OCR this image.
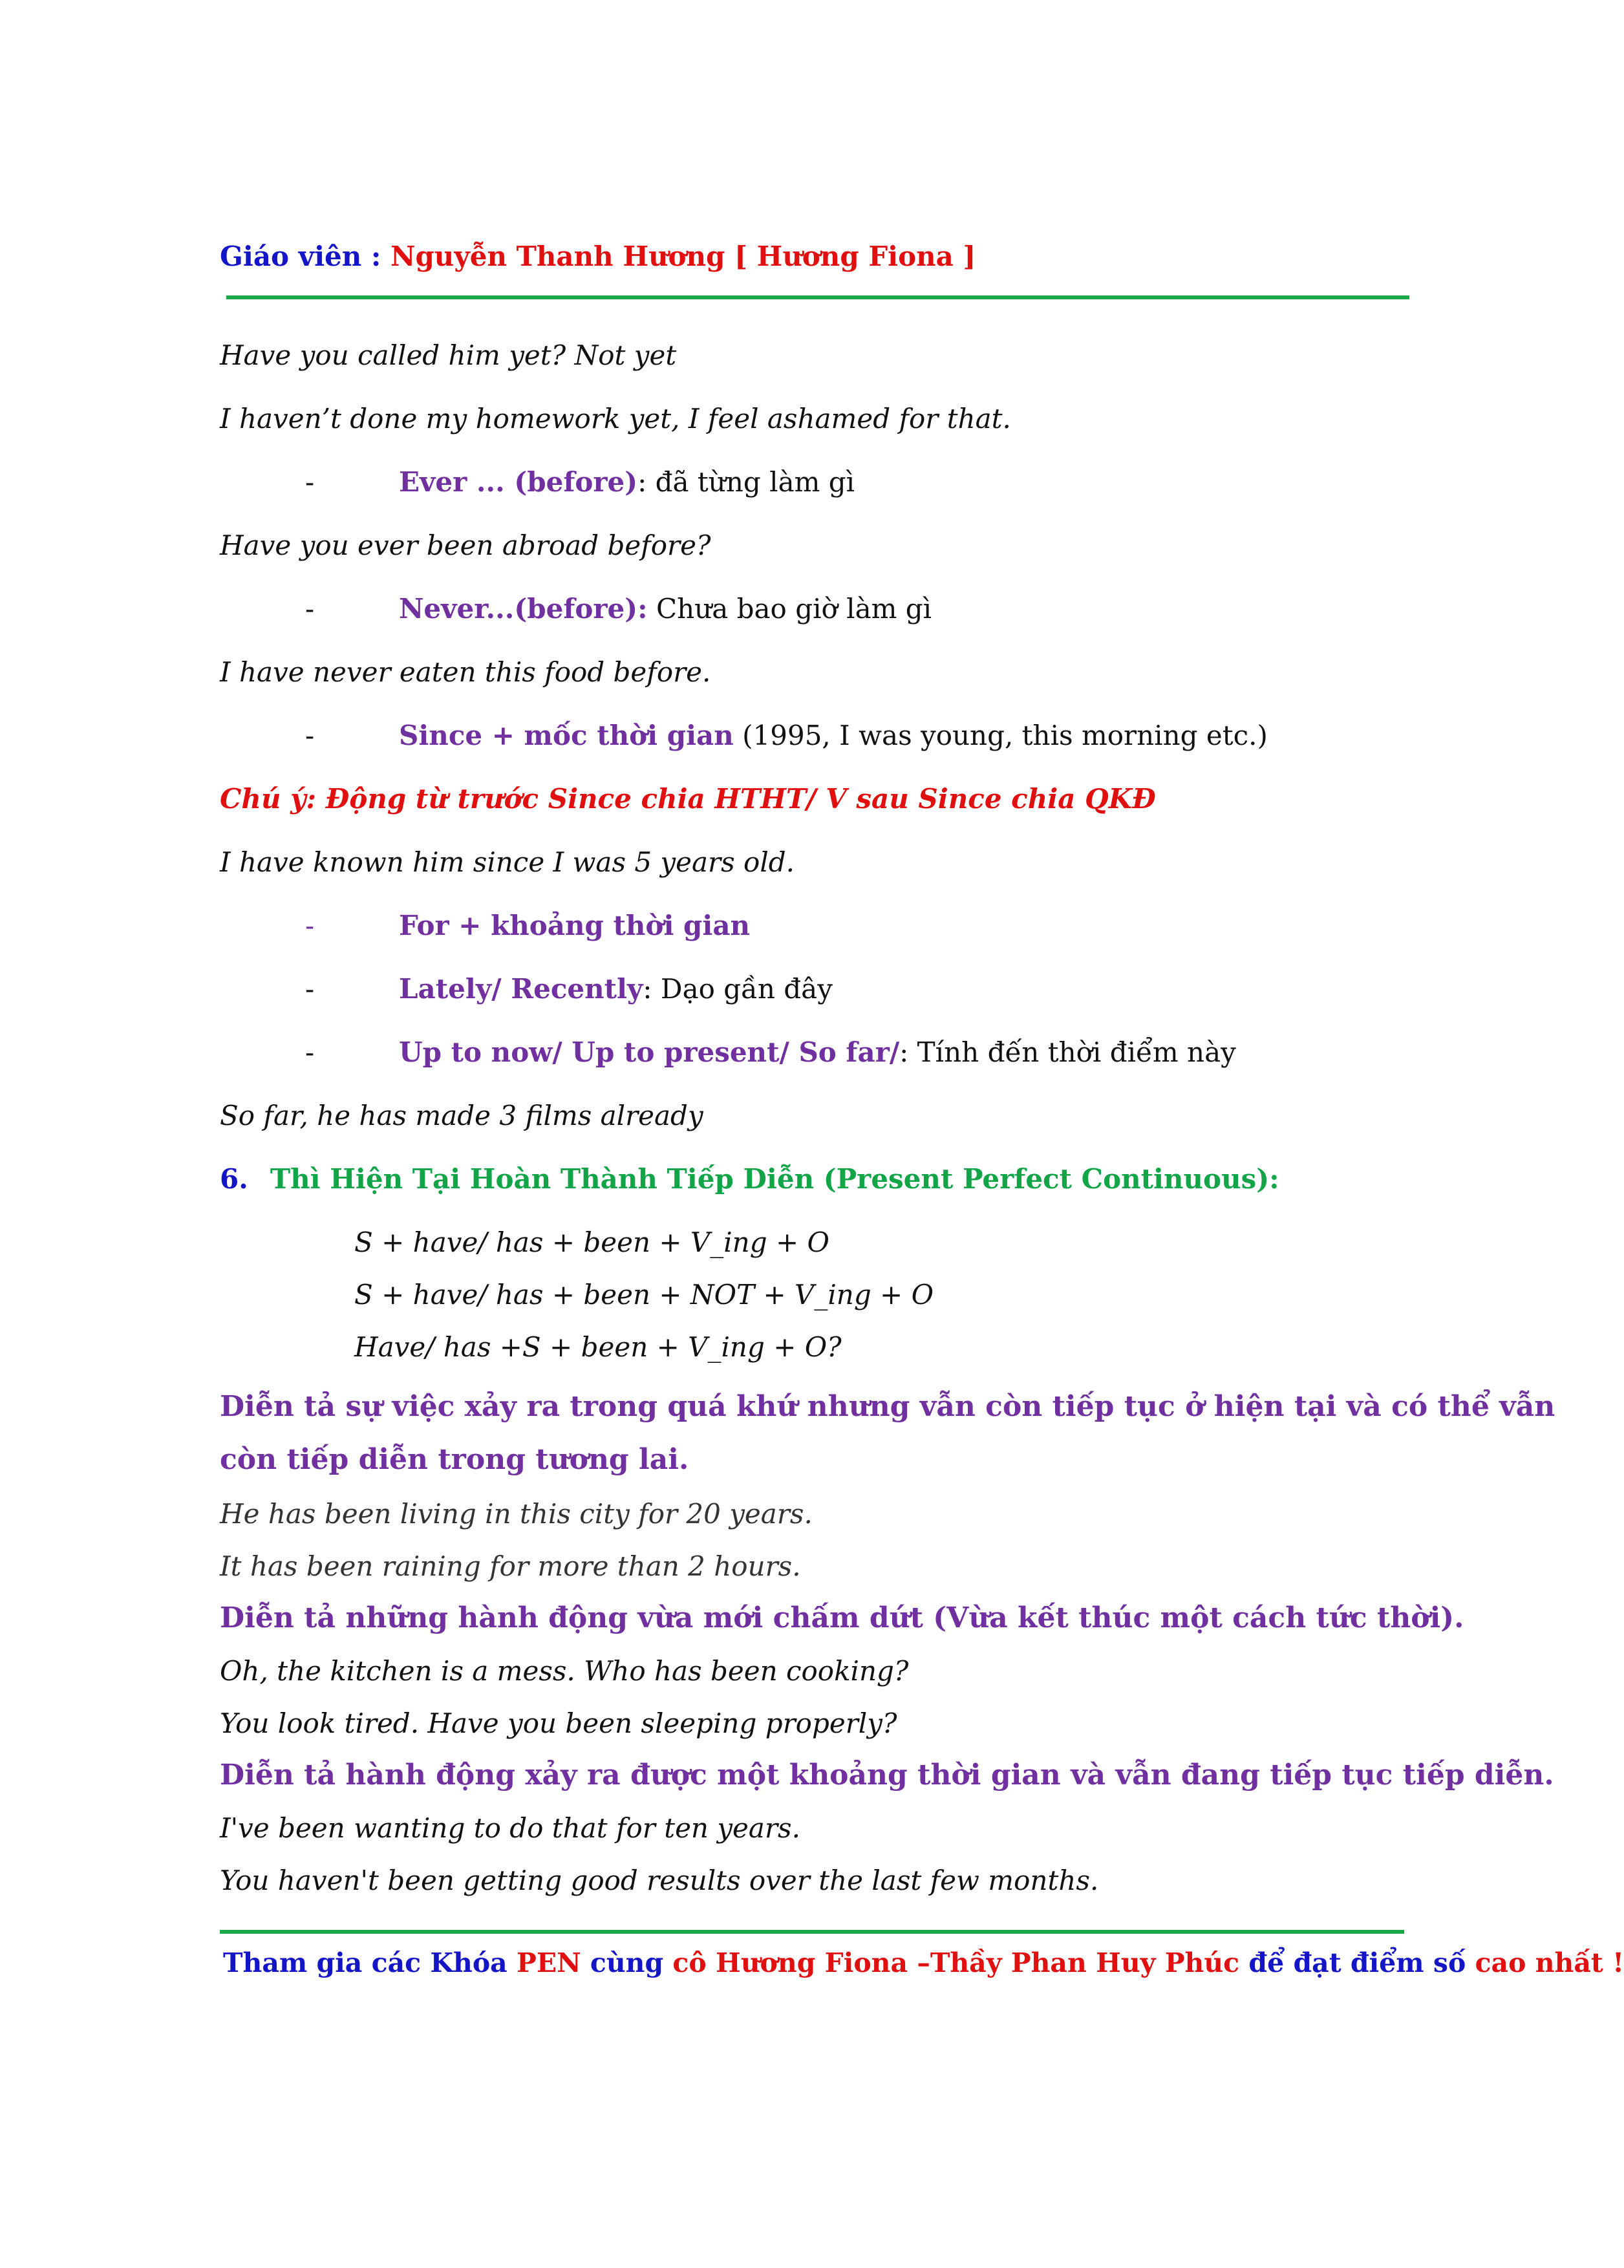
Giáo viên : Nguyễn Thanh Hương [ Hương Fiona ]
Have you called him yet? Not yet
I haven’t done my homework yet, I feel ashamed for that.
-	Ever ... (before): đã từng làm gì
Have you ever been abroad before?
-	Never...(before): Chưa bao giờ làm gì
I have never eaten this food before.
-	Since + mốc thời gian (1995, I was young, this morning etc.)
Chú ý: Động từ trước Since chia HTHT/ V sau Since chia QKĐ
I have known him since I was 5 years old.
-	For + khoảng thời gian
-	Lately/ Recently: Dạo gần đây
-	Up to now/ Up to present/ So far/: Tính đến thời điểm này
So far, he has made 3 films already
6. Thì Hiện Tại Hoàn Thành Tiếp Diễn (Present Perfect Continuous):
S + have/ has + been + V_ing + O
S + have/ has + been + NOT + V_ing + O
Have/ has +S + been + V_ing + O?
Diễn tả sự việc xảy ra trong quá khứ nhưng vẫn còn tiếp tục ở hiện tại và có thể vẫn
còn tiếp diễn trong tương lai.
He has been living in this city for 20 years.
It has been raining for more than 2 hours.
Diễn tả những hành động vừa mới chấm dứt (Vừa kết thúc một cách tức thời).
Oh, the kitchen is a mess. Who has been cooking?
You look tired. Have you been sleeping properly?
Diễn tả hành động xảy ra được một khoảng thời gian và vẫn đang tiếp tục tiếp diễn.
I've been wanting to do that for ten years.
You haven't been getting good results over the last few months.
Tham gia các Khóa PEN cùng cô Hương Fiona –Thầy Phan Huy Phúc để đạt điểm số cao nhất !
